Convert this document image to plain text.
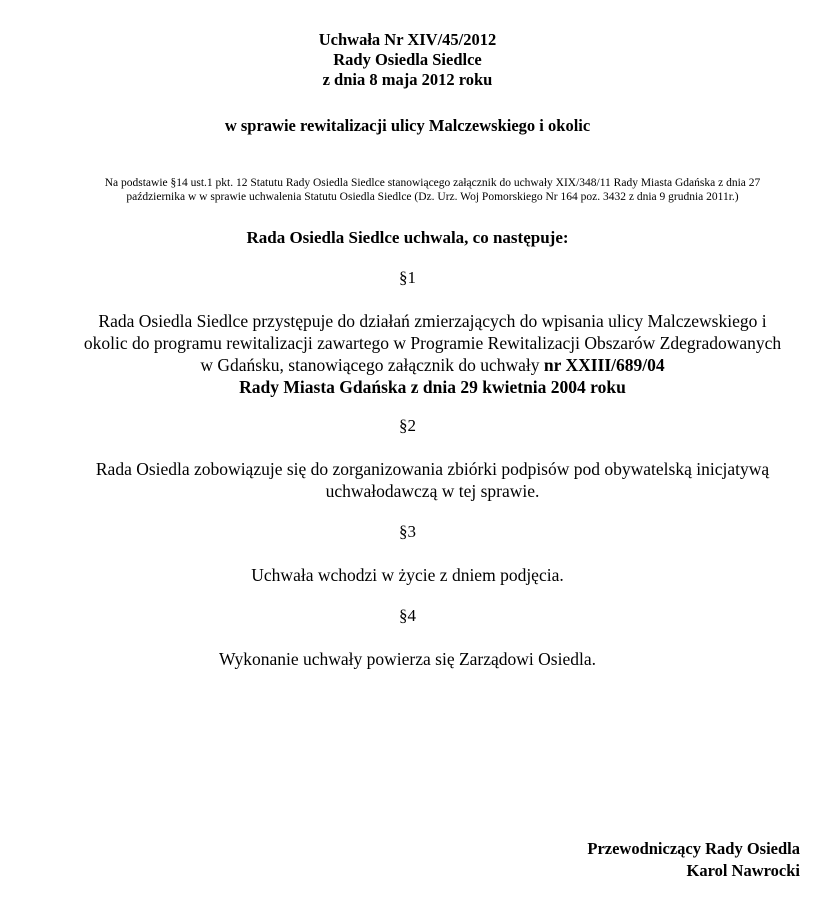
Uchwała Nr XIV/45/2012
Rady Osiedla Siedlce
z dnia 8 maja 2012 roku
w sprawie rewitalizacji ulicy Malczewskiego i okolic
Na podstawie §14 ust.1 pkt. 12 Statutu Rady Osiedla Siedlce stanowiącego załącznik do uchwały XIX/348/11 Rady Miasta Gdańska z dnia 27
października w w sprawie uchwalenia Statutu Osiedla Siedlce (Dz. Urz. Woj Pomorskiego Nr 164 poz. 3432 z dnia 9 grudnia 2011r.)
Rada Osiedla Siedlce uchwala, co następuje:
§1
Rada Osiedla Siedlce przystępuje do działań zmierzających do wpisania ulicy Malczewskiego i
okolic do programu rewitalizacji zawartego w Programie Rewitalizacji Obszarów Zdegradowanych
w Gdańsku, stanowiącego załącznik do uchwały nr XXIII/689/04
Rady Miasta Gdańska z dnia 29 kwietnia 2004 roku
§2
Rada Osiedla zobowiązuje się do zorganizowania zbiórki podpisów pod obywatelską inicjatywą
uchwałodawczą w tej sprawie.
§3
Uchwała wchodzi w życie z dniem podjęcia.
§4
Wykonanie uchwały powierza się Zarządowi Osiedla.
Przewodniczący Rady Osiedla
Karol Nawrocki
